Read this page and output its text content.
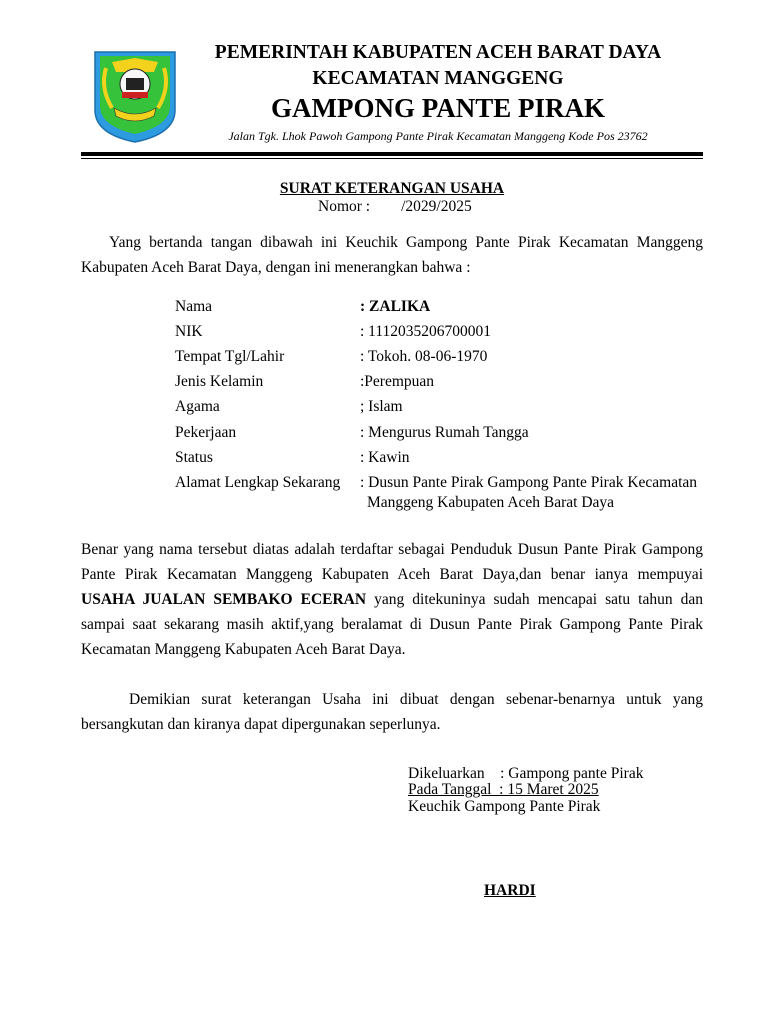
PEMERINTAH KABUPATEN ACEH BARAT DAYA
KECAMATAN MANGGENG
GAMPONG PANTE PIRAK
Jalan Tgk. Lhok Pawoh Gampong Pante Pirak Kecamatan Manggeng Kode Pos 23762
SURAT KETERANGAN USAHA
Nomor :        /2029/2025
Yang bertanda tangan dibawah ini Keuchik Gampong Pante Pirak Kecamatan Manggeng Kabupaten Aceh Barat Daya, dengan ini menerangkan bahwa :
Nama	: ZALIKA
NIK	: 1112035206700001
Tempat Tgl/Lahir	: Tokoh. 08-06-1970
Jenis Kelamin	:Perempuan
Agama	; Islam
Pekerjaan	: Mengurus Rumah Tangga
Status	: Kawin
Alamat Lengkap Sekarang : Dusun Pante Pirak Gampong Pante Pirak Kecamatan
Manggeng Kabupaten Aceh Barat Daya
Benar yang nama tersebut diatas adalah terdaftar sebagai Penduduk Dusun Pante Pirak Gampong Pante Pirak Kecamatan Manggeng Kabupaten Aceh Barat Daya,dan benar ianya mempuyai USAHA JUALAN SEMBAKO ECERAN yang ditekuninya sudah mencapai satu tahun dan sampai saat sekarang masih aktif,yang beralamat di Dusun Pante Pirak Gampong Pante Pirak Kecamatan Manggeng Kabupaten Aceh Barat Daya.
Demikian surat keterangan Usaha ini dibuat dengan sebenar-benarnya untuk yang bersangkutan dan kiranya dapat dipergunakan seperlunya.
Dikeluarkan    : Gampong pante Pirak
Pada Tanggal  : 15 Maret 2025
Keuchik Gampong Pante Pirak
HARDI
